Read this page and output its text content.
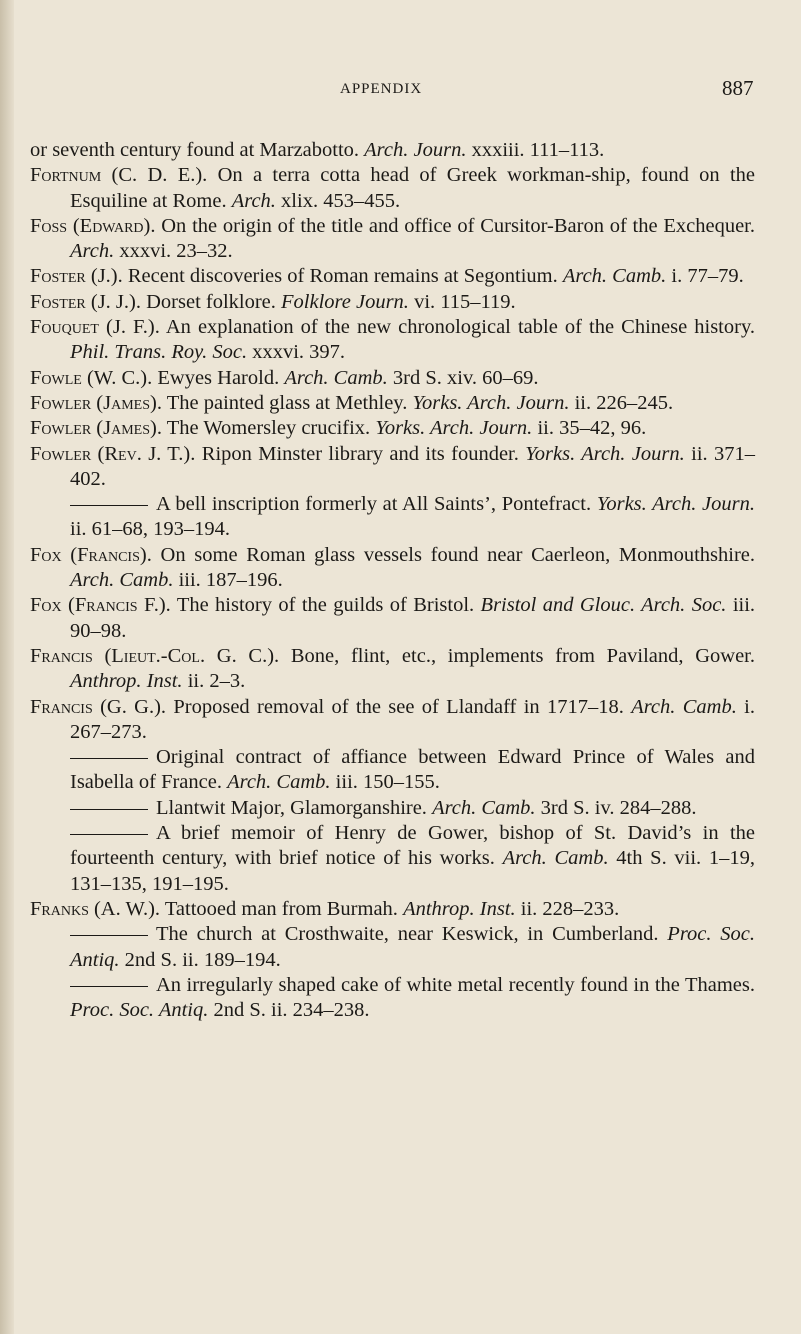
APPENDIX	887
or seventh century found at Marzabotto. Arch. Journ. xxxiii. 111–113.
Fortnum (C. D. E.). On a terra cotta head of Greek workman-ship, found on the Esquiline at Rome. Arch. xlix. 453–455.
Foss (Edward). On the origin of the title and office of Cursitor-Baron of the Exchequer. Arch. xxxvi. 23–32.
Foster (J.). Recent discoveries of Roman remains at Segontium. Arch. Camb. i. 77–79.
Foster (J. J.). Dorset folklore. Folklore Journ. vi. 115–119.
Fouquet (J. F.). An explanation of the new chronological table of the Chinese history. Phil. Trans. Roy. Soc. xxxvi. 397.
Fowle (W. C.). Ewyes Harold. Arch. Camb. 3rd S. xiv. 60–69.
Fowler (James). The painted glass at Methley. Yorks. Arch. Journ. ii. 226–245.
Fowler (James). The Womersley crucifix. Yorks. Arch. Journ. ii. 35–42, 96.
Fowler (Rev. J. T.). Ripon Minster library and its founder. Yorks. Arch. Journ. ii. 371–402.
A bell inscription formerly at All Saints’, Pontefract. Yorks. Arch. Journ. ii. 61–68, 193–194.
Fox (Francis). On some Roman glass vessels found near Caerleon, Monmouthshire. Arch. Camb. iii. 187–196.
Fox (Francis F.). The history of the guilds of Bristol. Bristol and Glouc. Arch. Soc. iii. 90–98.
Francis (Lieut.-Col. G. C.). Bone, flint, etc., implements from Paviland, Gower. Anthrop. Inst. ii. 2–3.
Francis (G. G.). Proposed removal of the see of Llandaff in 1717–18. Arch. Camb. i. 267–273.
Original contract of affiance between Edward Prince of Wales and Isabella of France. Arch. Camb. iii. 150–155.
Llantwit Major, Glamorganshire. Arch. Camb. 3rd S. iv. 284–288.
A brief memoir of Henry de Gower, bishop of St. David’s in the fourteenth century, with brief notice of his works. Arch. Camb. 4th S. vii. 1–19, 131–135, 191–195.
Franks (A. W.). Tattooed man from Burmah. Anthrop. Inst. ii. 228–233.
The church at Crosthwaite, near Keswick, in Cumberland. Proc. Soc. Antiq. 2nd S. ii. 189–194.
An irregularly shaped cake of white metal recently found in the Thames. Proc. Soc. Antiq. 2nd S. ii. 234–238.
